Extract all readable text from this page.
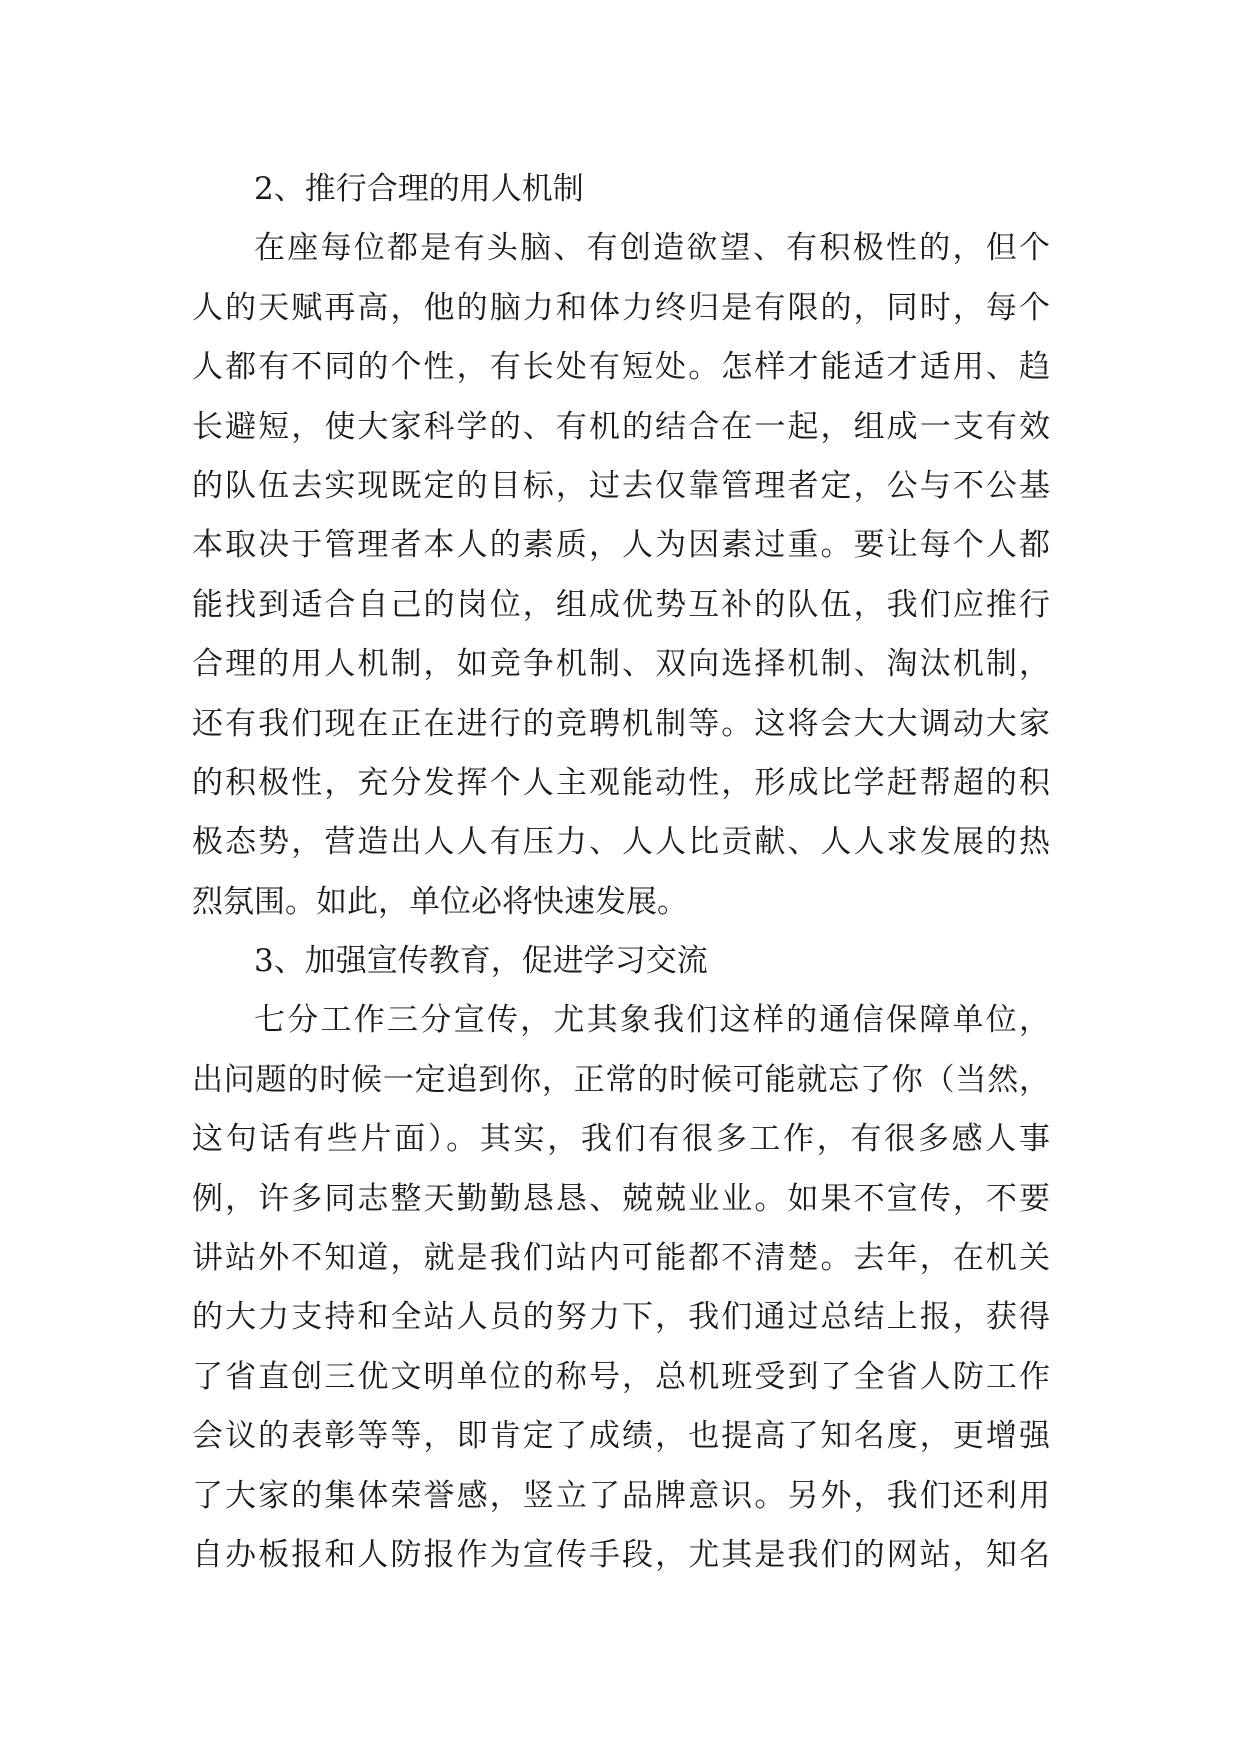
2、推行合理的用人机制
在座每位都是有头脑、有创造欲望、有积极性的，但个
人的天赋再高，他的脑力和体力终归是有限的，同时，每个
人都有不同的个性，有长处有短处。怎样才能适才适用、趋
长避短，使大家科学的、有机的结合在一起，组成一支有效
的队伍去实现既定的目标，过去仅靠管理者定，公与不公基
本取决于管理者本人的素质，人为因素过重。要让每个人都
能找到适合自己的岗位，组成优势互补的队伍，我们应推行
合理的用人机制，如竞争机制、双向选择机制、淘汰机制，
还有我们现在正在进行的竞聘机制等。这将会大大调动大家
的积极性，充分发挥个人主观能动性，形成比学赶帮超的积
极态势，营造出人人有压力、人人比贡献、人人求发展的热
烈氛围。如此，单位必将快速发展。
3、加强宣传教育，促进学习交流
七分工作三分宣传，尤其象我们这样的通信保障单位，
出问题的时候一定追到你，正常的时候可能就忘了你（当然，
这句话有些片面）。其实，我们有很多工作，有很多感人事
例，许多同志整天勤勤恳恳、兢兢业业。如果不宣传，不要
讲站外不知道，就是我们站内可能都不清楚。去年，在机关
的大力支持和全站人员的努力下，我们通过总结上报，获得
了省直创三优文明单位的称号，总机班受到了全省人防工作
会议的表彰等等，即肯定了成绩，也提高了知名度，更增强
了大家的集体荣誉感，竖立了品牌意识。另外，我们还利用
自办板报和人防报作为宣传手段，尤其是我们的网站，知名
